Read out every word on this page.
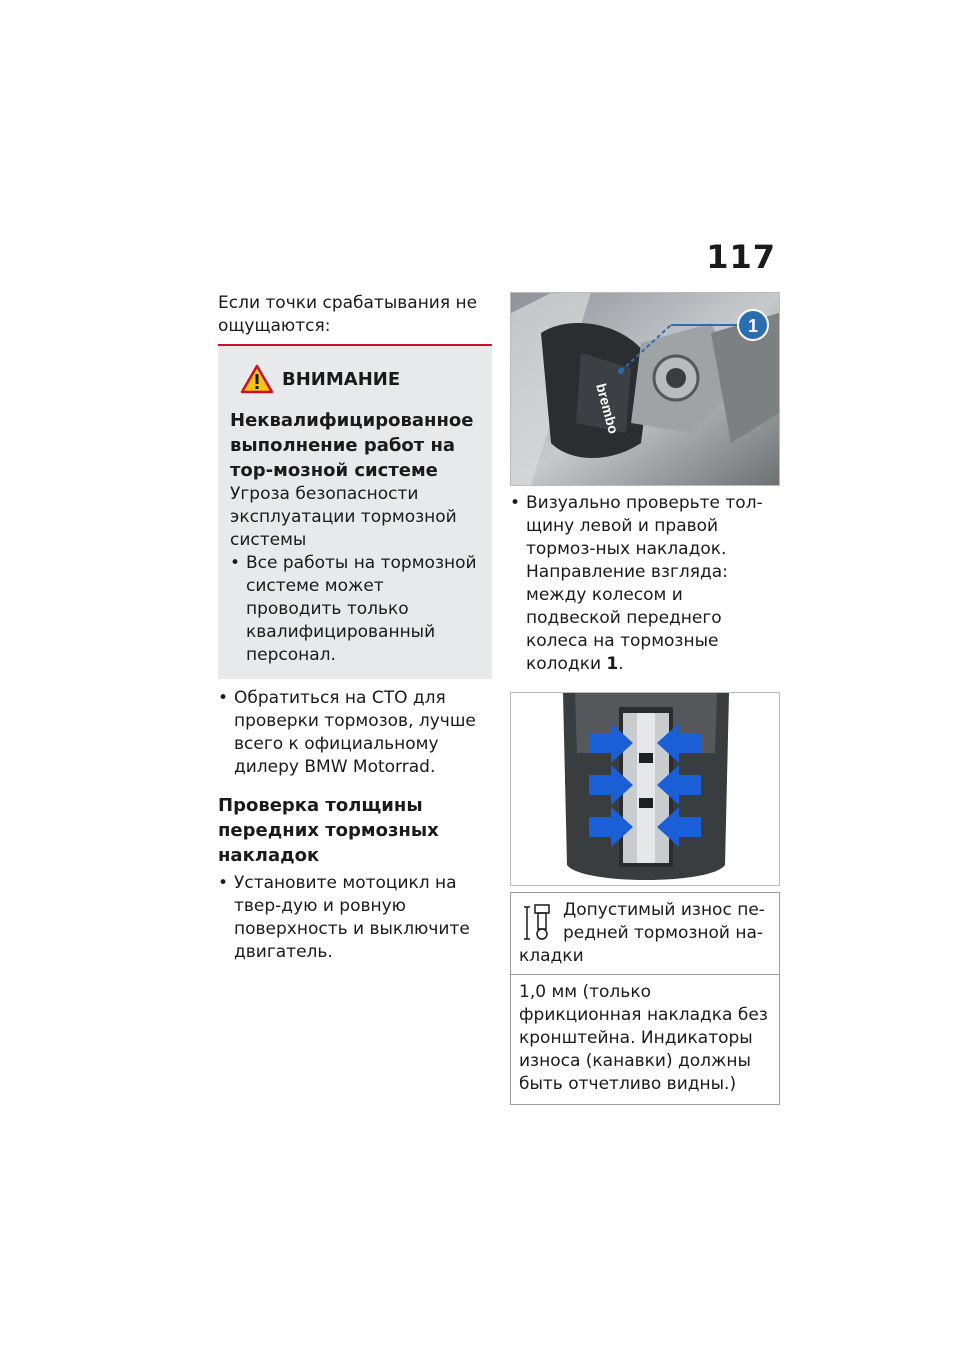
117

Если точки срабатывания не ощущаются:

ВНИМАНИЕ
Неквалифицированное выполнение работ на тор-мозной системе
Угроза безопасности эксплуатации тормозной системы
• Все работы на тормозной системе может проводить только квалифицированный персонал.
• Обратиться на СТО для проверки тормозов, лучше всего к официальному дилеру BMW Motorrad.
Проверка толщины передних тормозных накладок
• Установите мотоцикл на твер-дую и ровную поверхность и выключите двигатель.
brembo
1
• Визуально проверьте тол-щину левой и правой тормоз-ных накладок. Направление взгляда: между колесом и подвеской переднего колеса на тормозные колодки 1.
Допустимый износ пе-редней тормозной на-кладки
1,0 мм (только фрикционная накладка без кронштейна. Индикаторы износа (канавки) должны быть отчетливо видны.)
